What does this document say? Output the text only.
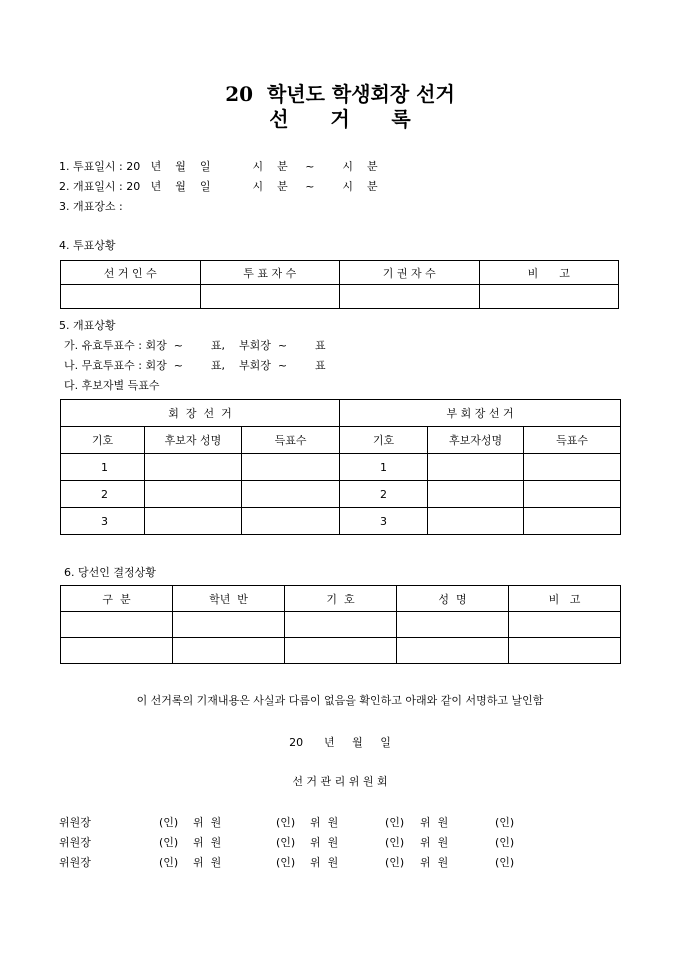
20  학년도 학생회장 선거
선      거      록
1. 투표일시 : 20   년    월    일            시    분     ~        시    분
2. 개표일시 : 20   년    월    일            시    분     ~        시    분
3. 개표장소 :
4. 투표상황
선 거 인 수	투 표 자 수	기 권 자 수	비      고

5. 개표상황
가. 유효투표수 : 회장  ~        표,    부회장  ~        표
나. 무효투표수 : 회장  ~        표,    부회장  ~        표
다. 후보자별 득표수
회  장  선  거			부 회 장 선 거		
기호	후보자 성명	득표수	기호	후보자성명	득표수
1			1		
2			2		
3			3		
6. 당선인 결정상황
구  분	학년  반	기  호	성  명	비   고

이 선거록의 기재내용은 사실과 다름이 없음을 확인하고 아래와 같이 서명하고 날인함
20      년     월     일
선 거 관 리 위 원 회
위원장	(인) 위  원	(인) 위  원	(인) 위  원	(인)
위원장	(인) 위  원	(인) 위  원	(인) 위  원	(인)
위원장	(인) 위  원	(인) 위  원	(인) 위  원	(인)
